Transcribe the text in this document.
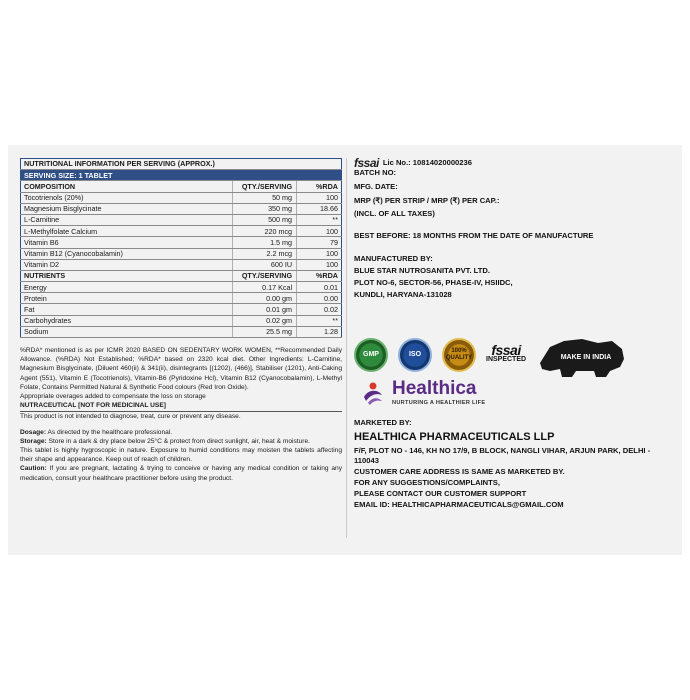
NUTRITIONAL INFORMATION PER SERVING (APPROX.)		
SERVING SIZE: 1 TABLET		
COMPOSITION	QTY./SERVING	%RDA
Tocotrienols (20%)	50 mg	100
Magnesium Bisglycinate	350 mg	18.66
L-Carnitine	500 mg	**
L-Methylfolate Calcium	220 mcg	100
Vitamin B6	1.5 mg	79
Vitamin B12 (Cyanocobalamin)	2.2 mcg	100
Vitamin D2	600 IU	100
NUTRIENTS	QTY./SERVING	%RDA
Energy	0.17 Kcal	0.01
Protein	0.00 gm	0.00
Fat	0.01 gm	0.02
Carbohydrates	0.02 gm	**
Sodium	25.5 mg	1.28

%RDA* mentioned is as per ICMR 2020 BASED ON SEDENTARY WORK WOMEN, **Recommended Daily Allowance. (%RDA) Not Established; %RDA* based on 2320 kcal diet. Other Ingredients: L-Carnitine, Magnesium Bisglycinate, (Diluent 460(ii) & 341(ii), disintegrants [(1202), (466)], Stabiliser (1201), Anti-Caking Agent (551), Vitamin E (Tocotrienols), Vitamin-B6 (Pyridoxine Hcl), Vitamin B12 (Cyanocobalamin), L-Methyl Folate, Contains Permitted Natural & Synthetic Food colours (Red Iron Oxide).

Appropriate overages added to compensate the loss on storage

NUTRACEUTICAL [NOT FOR MEDICINAL USE]

This product is not intended to diagnose, treat, cure or prevent any disease.

Dosage: As directed by the healthcare professional.

Storage: Store in a dark & dry place below 25°C & protect from direct sunlight, air, heat & moisture.

This tablet is highly hygroscopic in nature. Exposure to humid conditions may moisten the tablets affecting their shape and appearance. Keep out of reach of children.

Caution: If you are pregnant, lactating & trying to conceive or having any medical condition or taking any medication, consult your healthcare practitioner before using the product.

fssai Lic No.: 10814020000236
BATCH NO:
MFG. DATE:
MRP (₹) PER STRIP / MRP (₹) PER CAP.:
(INCL. OF ALL TAXES)
BEST BEFORE: 18 MONTHS FROM THE DATE OF MANUFACTURE
MANUFACTURED BY:
BLUE STAR NUTROSANITA PVT. LTD.
PLOT NO-6, SECTOR-56, PHASE-IV, HSIIDC,
KUNDLI, HARYANA-131028
GMP	ISO	100% QUALITY fssai
INSPECTED	MAKE IN INDIA
Healthica
NURTURING A HEALTHIER LIFE
MARKETED BY:
HEALTHICA PHARMACEUTICALS LLP
F/F, PLOT NO - 146, KH NO 17/9, B BLOCK, NANGLI VIHAR, ARJUN PARK, DELHI - 110043
CUSTOMER CARE ADDRESS IS SAME AS MARKETED BY.
FOR ANY SUGGESTIONS/COMPLAINTS,
PLEASE CONTACT OUR CUSTOMER SUPPORT
EMAIL ID: HEALTHICAPHARMACEUTICALS@GMAIL.COM
